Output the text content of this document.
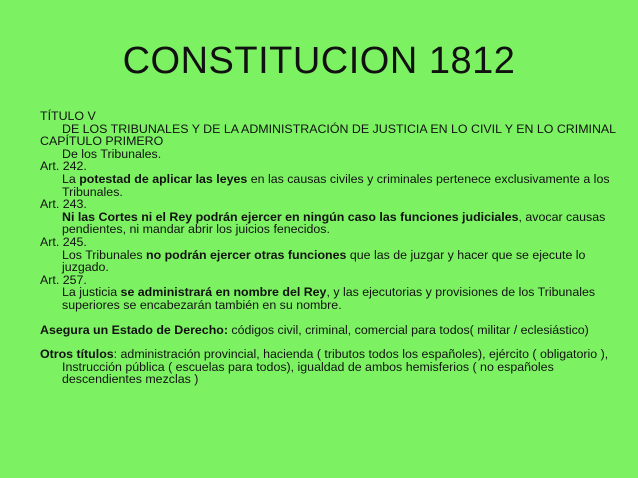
CONSTITUCION 1812

TÍTULO V

DE LOS TRIBUNALES Y DE LA ADMINISTRACIÓN DE JUSTICIA EN LO CIVIL Y EN LO CRIMINAL

CAPÍTULO PRIMERO

De los Tribunales.

Art. 242.

La potestad de aplicar las leyes en las causas civiles y criminales pertenece exclusivamente a los Tribunales.

Art. 243.

Ni las Cortes ni el Rey podrán ejercer en ningún caso las funciones judiciales, avocar causas pendientes, ni mandar abrir los juicios fenecidos.

Art. 245.

Los Tribunales no podrán ejercer otras funciones que las de juzgar y hacer que se ejecute lo juzgado.

Art. 257.

La justicia se administrará en nombre del Rey, y las ejecutorias y provisiones de los Tribunales superiores se encabezarán también en su nombre.

Asegura un Estado de Derecho: códigos civil, criminal, comercial para todos( militar / eclesiástico)

Otros títulos: administración provincial, hacienda ( tributos todos los españoles), ejército ( obligatorio ), Instrucción pública ( escuelas para todos), igualdad de ambos hemisferios ( no españoles descendientes mezclas )
